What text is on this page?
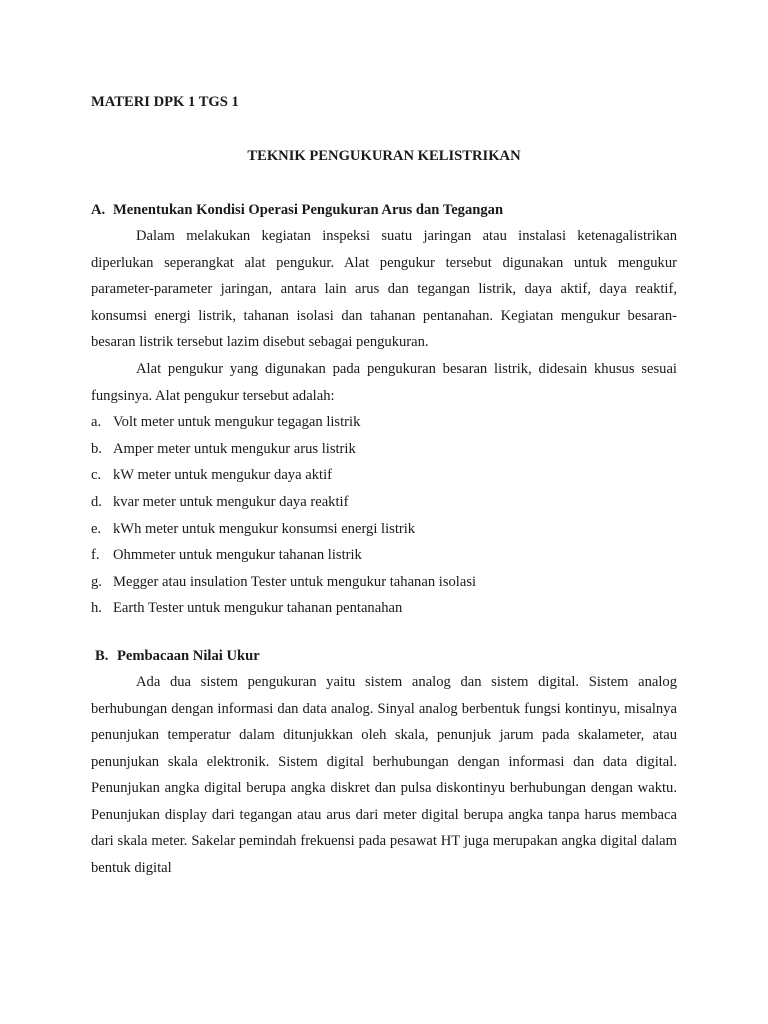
MATERI DPK 1 TGS 1

TEKNIK PENGUKURAN KELISTRIKAN

A. Menentukan Kondisi Operasi Pengukuran Arus dan Tegangan

Dalam melakukan kegiatan inspeksi suatu jaringan atau instalasi ketenagalistrikan diperlukan seperangkat alat pengukur. Alat pengukur tersebut digunakan untuk mengukur parameter-parameter jaringan, antara lain arus dan tegangan listrik, daya aktif, daya reaktif, konsumsi energi listrik, tahanan isolasi dan tahanan pentanahan. Kegiatan mengukur besaran-besaran listrik tersebut lazim disebut sebagai pengukuran.

Alat pengukur yang digunakan pada pengukuran besaran listrik, didesain khusus sesuai fungsinya. Alat pengukur tersebut adalah:

a. Volt meter untuk mengukur tegagan listrik
b. Amper meter untuk mengukur arus listrik
c. kW meter untuk mengukur daya aktif
d. kvar meter untuk mengukur daya reaktif
e. kWh meter untuk mengukur konsumsi energi listrik
f. Ohmmeter untuk mengukur tahanan listrik
g. Megger atau insulation Tester untuk mengukur tahanan isolasi
h. Earth Tester untuk mengukur tahanan pentanahan
B. Pembacaan Nilai Ukur

Ada dua sistem pengukuran yaitu sistem analog dan sistem digital. Sistem analog berhubungan dengan informasi dan data analog. Sinyal analog berbentuk fungsi kontinyu, misalnya penunjukan temperatur dalam ditunjukkan oleh skala, penunjuk jarum pada skalameter, atau penunjukan skala elektronik. Sistem digital berhubungan dengan informasi dan data digital. Penunjukan angka digital berupa angka diskret dan pulsa diskontinyu berhubungan dengan waktu. Penunjukan display dari tegangan atau arus dari meter digital berupa angka tanpa harus membaca dari skala meter. Sakelar pemindah frekuensi pada pesawat HT juga merupakan angka digital dalam bentuk digital
